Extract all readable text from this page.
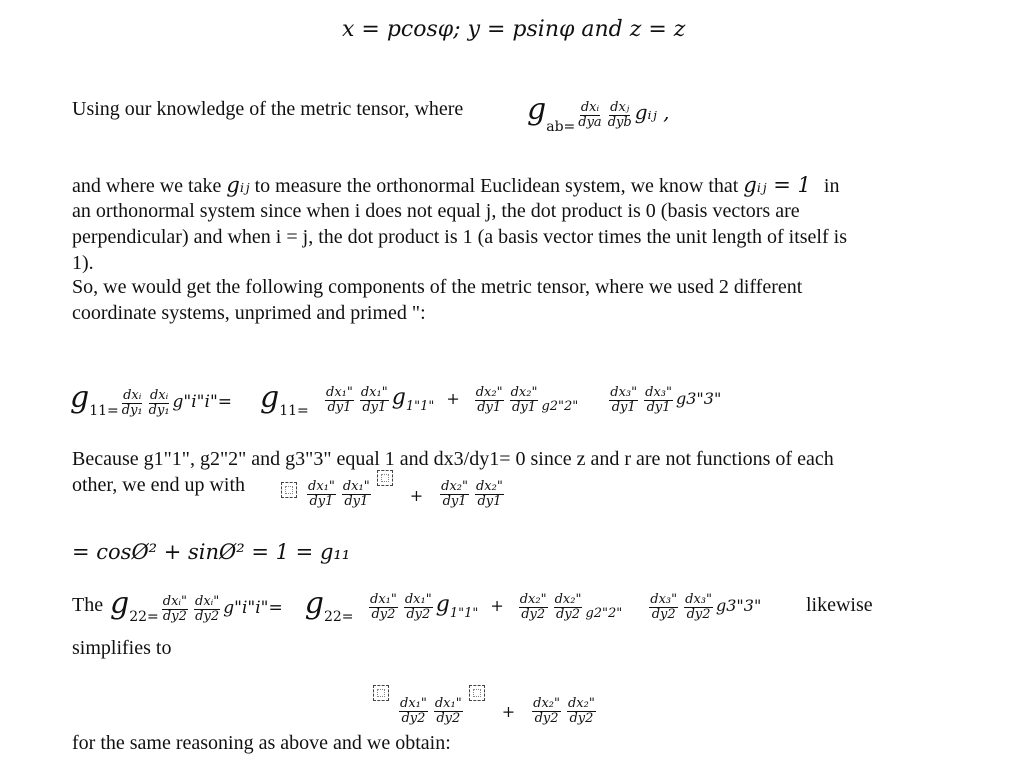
x = pcosφ; y = psinφ and z = z
Using our knowledge of the metric tensor, where $gab= \frac{\text{dxᵢ}}{\text{dya}} \frac{\text{dxⱼ}}{\text{dyb}}$ gᵢⱼ ,
and where we take gᵢⱼ to measure the orthonormal Euclidean system, we know that gᵢⱼ = 1 in
an orthonormal system since when i does not equal j, the dot product is 0 (basis vectors are
perpendicular) and when i = j, the dot product is 1 (a basis vector times the unit length of itself is
1).
So, we would get the following components of the metric tensor, where we used 2 different
coordinate systems, unprimed and primed ":
$g11= \frac{\text{dxᵢ}}{\text{dy₁}} \frac{\text{dxᵢ}}{\text{dy₁}}$ g"i"i"= $g11= \frac{\text{dx₁"}}{dy1} \frac{\text{dx₁"}}{dy1} g_{1"1"} + \frac{\text{dx₂"}}{dy1} \frac{\text{dx₂"}}{dy1} _{g2"2"} \frac{\text{dx₃"}}{dy1} \frac{\text{dx₃"}}{dy1}$ g3"3"
Because g1"1", g2"2" and g3"3" equal 1 and dx3/dy1= 0 since z and r are not functions of each
other, we end up with
	$\frac{\text{dx₁"}}{dy1} \frac{\text{dx₁"}}{dy1} + \frac{\text{dx₂"}}{dy1} \frac{\text{dx₂"}}{dy1}$
= cosØ² + sinØ² = 1 = g₁₁
The $g22= \frac{\text{dxᵢ"}}{dy2} \frac{\text{dxᵢ"}}{dy2}$ g"i"i"= $g22= \frac{\text{dx₁"}}{dy2} \frac{\text{dx₁"}}{dy2} g_{1"1"} + \frac{\text{dx₂"}}{dy2} \frac{\text{dx₂"}}{dy2} _{g2"2"} \frac{\text{dx₃"}}{dy2} \frac{\text{dx₃"}}{dy2}$ g3"3" likewise
simplifies to

$\frac{\text{dx₁"}}{dy2} \frac{\text{dx₁"}}{dy2} + \frac{\text{dx₂"}}{dy2} \frac{\text{dx₂"}}{dy2}$
for the same reasoning as above and we obtain:
